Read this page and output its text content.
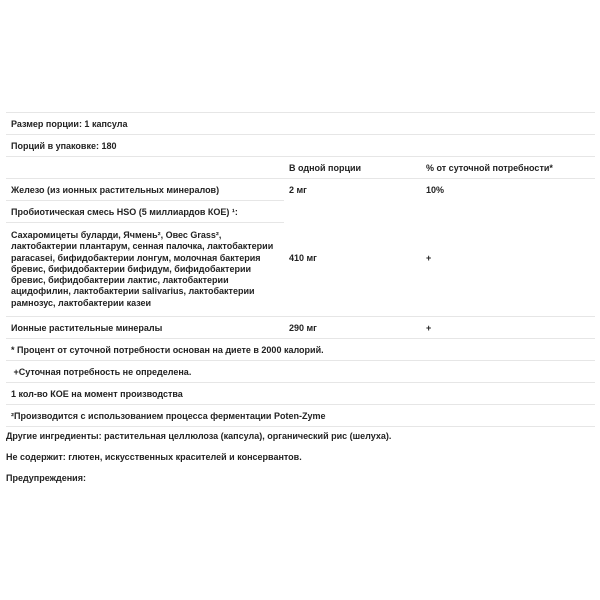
Размер порции: 1 капсула		
Порций в упаковке: 180		
	В одной порции	% от суточной потребности*
Железо (из ионных растительных минералов)	2 мг	10%
Пробиотическая смесь HSO (5 миллиардов КОЕ) ¹:	410 мг	+
Сахаромицеты буларди, Ячмень², Овес Grass², лактобактерии плантарум, сенная палочка, лактобактерии paracasei, бифидобактерии лонгум, молочная бактерия бревис, бифидобактерии бифидум, бифидобактерии бревис, бифидобактерии лактис, лактобактерии ацидофилин, лактобактерии salivarius, лактобактерии рамнозус, лактобактерии казеи		
Ионные растительные минералы	290 мг	+
* Процент от суточной потребности основан на диете в 2000 калорий.		
+Суточная потребность не определена.		
1 кол-во КОЕ на момент производства		
²Производится с использованием процесса ферментации Poten-Zyme		
Другие ингредиенты: растительная целлюлоза (капсула), органический рис (шелуха).
Не содержит: глютен, искусственных красителей и консервантов.
Предупреждения:
